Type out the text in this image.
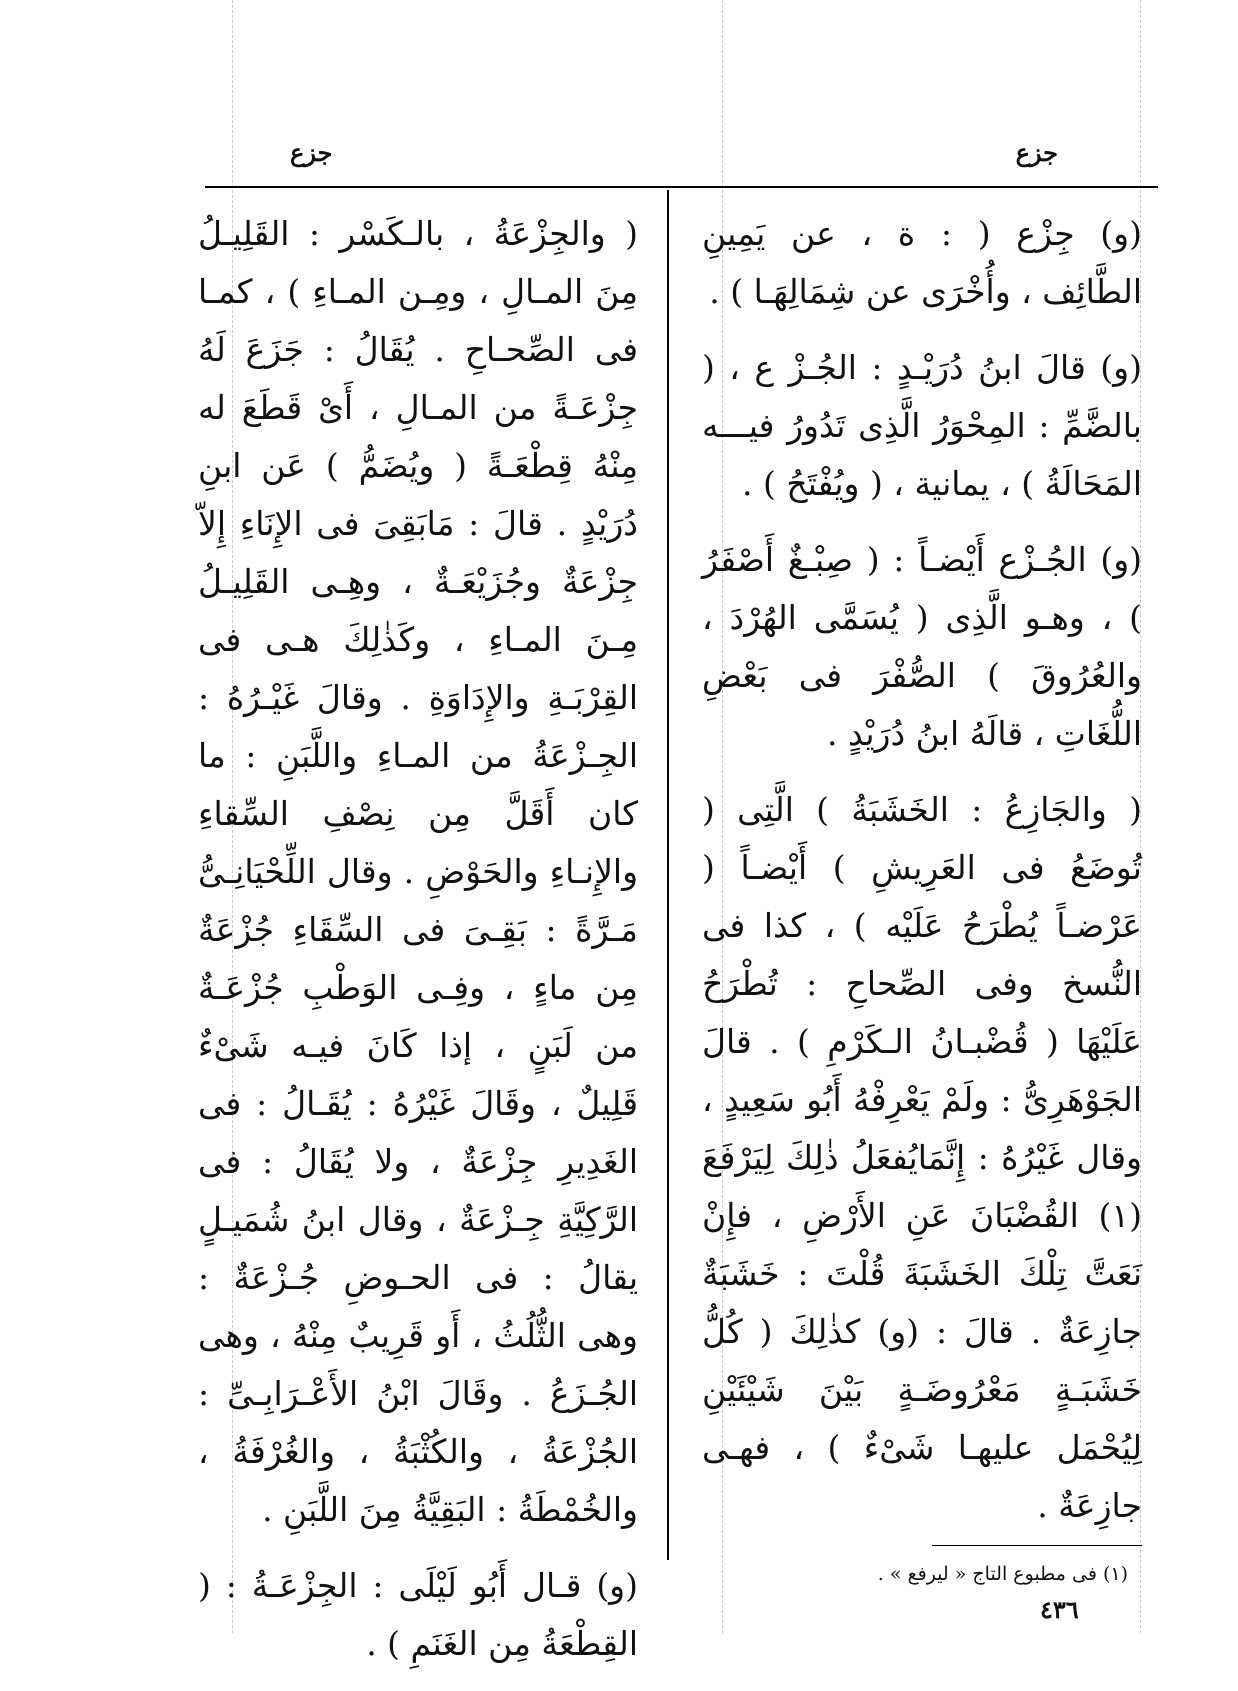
جزع
جزع

(و) جِزْع ( : ة ، عن يَمِينِ الطَّائِف ، وأُخْرَى عن شِمَالِهَـا ) .

(و) قالَ ابنُ دُرَيْـدٍ : الجُـزْ ع ، ( بالضَّمِّ : المِحْوَرُ الَّذِى تَدُورُ فيـــه المَحَالَةُ ) ، يمانية ، ( ويُفْتَحُ ) .

(و) الجُـزْع أَيْضـاً : ( صِبْـغٌ أَصْفَرُ ) ، وهـو الَّذِى ( يُسَمَّى الهُرْدَ ، والعُرُوقَ ) الصُّفْرَ فى بَعْضِ اللُّغَاتِ ، قالَهُ ابنُ دُرَيْدٍ .

( والجَازِعُ : الخَشَبَةُ ) الَّتِى ( تُوضَعُ فى العَرِيشِ ) أَيْضـاً ( عَرْضـاً يُطْرَحُ عَلَيْه ) ، كذا فى النُّسخ وفى الصِّحاحِ : تُطْرَحُ عَلَيْهَا ( قُضْبـانُ الـكَرْمِ ) . قالَ الجَوْهَرِىُّ : ولَمْ يَعْرِفْهُ أَبُو سَعِيدٍ ، وقال غَيْرُهُ : إِنَّمَايُفعَلُ ذٰلِكَ لِيَرْفَعَ (١) القُضْبَانَ عَنِ الأَرْضِ ، فإِنْ نَعَتَّ تِلْكَ الخَشَبَةَ قُلْتَ : خَشَبَةٌ جازِعَةٌ . قالَ : (و) كذٰلِكَ ( كُلُّ خَشَبَـةٍ مَعْرُوضَـةٍ بَيْنَ شَيْئَيْنِ لِيُحْمَل عليهـا شَىْءٌ ) ، فهـى جازِعَةٌ .

( والجِزْعَةُ ، بالـكَسْر : القَلِيـلُ مِنَ المـالِ ، ومِـن المـاءِ ) ، كمـا فى الصِّحـاحِ . يُقَالُ : جَزَعَ لَهُ جِزْعَـةً من المـالِ ، أَىْ قَطَعَ له مِنْهُ قِطْعَـةً ( ويُضَمُّ ) عَن ابنِ دُرَيْدٍ . قالَ : مَابَقِىَ فى الإِنَاءِ إِلاّ جِزْعَةٌ وجُزَيْعَـةٌ ، وهِـى القَلِيـلُ مِـنَ المـاءِ ، وكَذٰلِكَ هـى فى القِرْبَـةِ والإِدَاوَةِ . وقالَ غَيْـرُهُ : الجِـزْعَةُ من المـاءِ واللَّبَنِ : ما كان أَقَلَّ مِن نِصْفِ السِّقاءِ والإِنـاءِ والحَوْضِ . وقال اللِّحْيَانِـىُّ مَـرَّةً : بَقِـىَ فى السِّقَاءِ جُزْعَةٌ مِن ماءٍ ، وفِـى الوَطْبِ جُزْعَـةٌ من لَبَنٍ ، إذا كَانَ فيـه شَىْءٌ قَلِيلٌ ، وقَالَ غَيْرُهُ : يُقَـالُ : فى الغَدِيرِ جِزْعَةٌ ، ولا يُقَالُ : فى الرَّكِيَّةِ جِـزْعَةٌ ، وقال ابنُ شُمَيـلٍ يقالُ : فى الحـوضِ جُـزْعَةٌ : وهى الثُّلُثُ ، أَو قَرِيبٌ مِنْهُ ، وهى الجُـزَعُ . وقَالَ ابْنُ الأَعْـرَابِـىِّ : الجُزْعَةُ ، والكُثْبَةُ ، والغُرْفَةُ ، والخُمْطَةُ : البَقِيَّةُ مِنَ اللَّبَنِ .

(و) قـال أَبُو لَيْلَى : الجِزْعَـةُ : ( القِطْعَةُ مِن الغَنَمِ ) .

(١) فى مطبوع التاج « ليرفع » .
٤٣٦
